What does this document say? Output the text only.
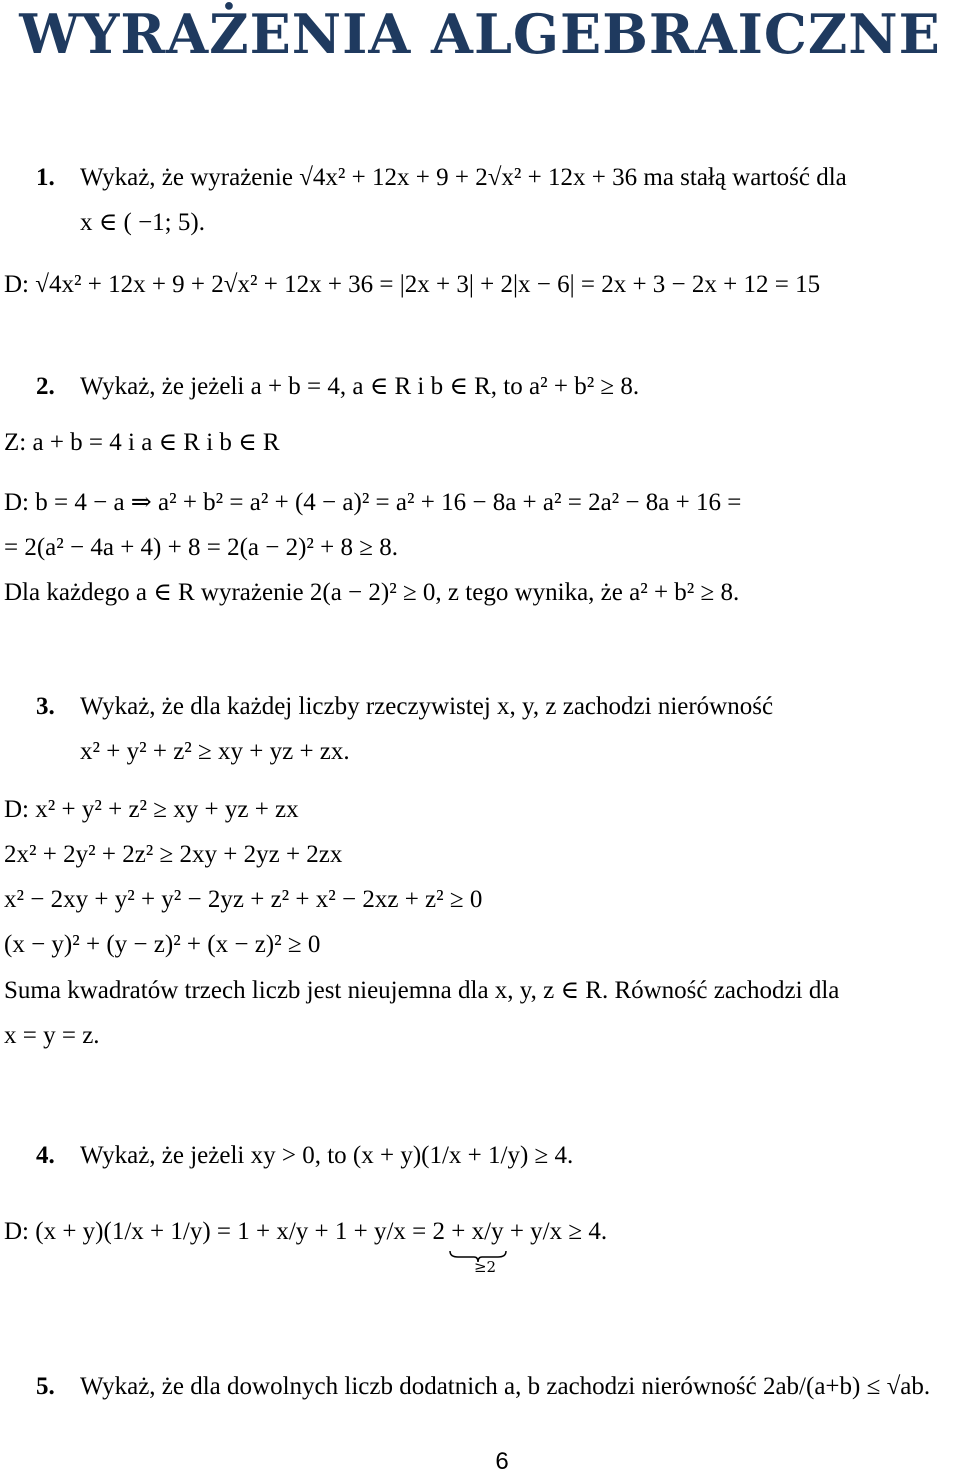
WYRAŻENIA ALGEBRAICZNE
1. Wykaż, że wyrażenie √4x² + 12x + 9 + 2√x² + 12x + 36 ma stałą wartość dla
x ∈ ( −1; 5).
D: √4x² + 12x + 9 + 2√x² + 12x + 36 = |2x + 3| + 2|x − 6| = 2x + 3 − 2x + 12 = 15
2. Wykaż, że jeżeli a + b = 4, a ∈ R i b ∈ R, to a² + b² ≥ 8.
Z: a + b = 4 i a ∈ R i b ∈ R
D: b = 4 − a ⇒ a² + b² = a² + (4 − a)² = a² + 16 − 8a + a² = 2a² − 8a + 16 =
= 2(a² − 4a + 4) + 8 = 2(a − 2)² + 8 ≥ 8.
Dla każdego a ∈ R wyrażenie 2(a − 2)² ≥ 0, z tego wynika, że a² + b² ≥ 8.
3. Wykaż, że dla każdej liczby rzeczywistej x, y, z zachodzi nierówność
x² + y² + z² ≥ xy + yz + zx.
D: x² + y² + z² ≥ xy + yz + zx
2x² + 2y² + 2z² ≥ 2xy + 2yz + 2zx
x² − 2xy + y² + y² − 2yz + z² + x² − 2xz + z² ≥ 0
(x − y)² + (y − z)² + (x − z)² ≥ 0
Suma kwadratów trzech liczb jest nieujemna dla x, y, z ∈ R. Równość zachodzi dla
x = y = z.
4. Wykaż, że jeżeli xy > 0, to (x + y)(1/x + 1/y) ≥ 4.
D: (x + y)(1/x + 1/y) = 1 + x/y + 1 + y/x = 2 + x/y + y/x ≥ 4.
≥2
5. Wykaż, że dla dowolnych liczb dodatnich a, b zachodzi nierówność 2ab/(a+b) ≤ √ab.
6
